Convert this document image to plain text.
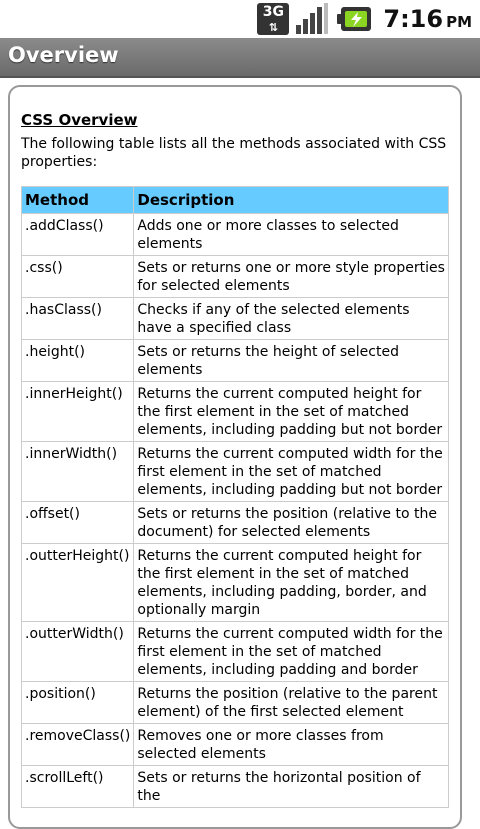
3G
⇅	7:16 PM
Overview
CSS Overview
The following table lists all the methods associated with CSS properties:
Method	Description
.addClass()	Adds one or more classes to selected elements
.css()	Sets or returns one or more style properties for selected elements
.hasClass()	Checks if any of the selected elements have a specified class
.height()	Sets or returns the height of selected elements
.innerHeight()	Returns the current computed height for the first element in the set of matched elements, including padding but not border
.innerWidth()	Returns the current computed width for the first element in the set of matched elements, including padding but not border
.offset()	Sets or returns the position (relative to the document) for selected elements
.outterHeight()	Returns the current computed height for the first element in the set of matched elements, including padding, border, and optionally margin
.outterWidth()	Returns the current computed width for the first element in the set of matched elements, including padding and border
.position()	Returns the position (relative to the parent element) of the first selected element
.removeClass()	Removes one or more classes from selected elements
.scrollLeft()	Sets or returns the horizontal position of the
